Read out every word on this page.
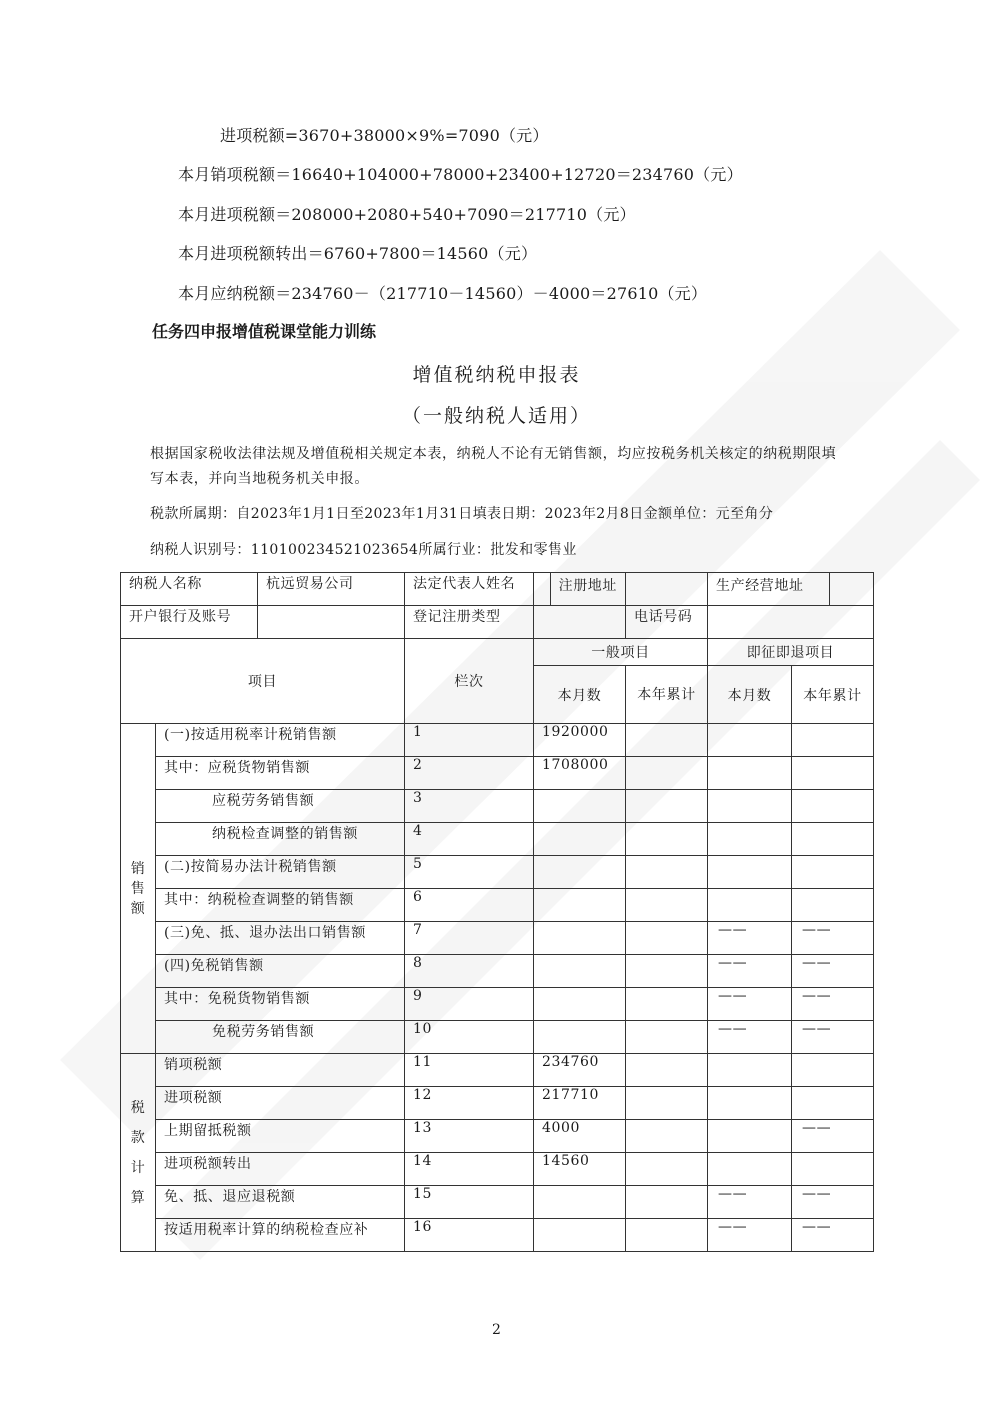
进项税额=3670+38000×9%=7090（元）
本月销项税额＝16640+104000+78000+23400+12720＝234760（元）
本月进项税额＝208000+2080+540+7090＝217710（元）
本月进项税额转出＝6760+7800＝14560（元）
本月应纳税额＝234760－（217710－14560）－4000＝27610（元）
任务四申报增值税课堂能力训练
增值税纳税申报表
（一般纳税人适用）
根据国家税收法律法规及增值税相关规定本表，纳税人不论有无销售额，均应按税务机关核定的纳税期限填写本表，并向当地税务机关申报。
税款所属期：自2023年1月1日至2023年1月31日填表日期：2023年2月8日金额单位：元至角分
纳税人识别号：110100234521023654所属行业：批发和零售业
纳税人名称		杭远贸易公司	法定代表人姓名	注册地址		生产经营地址	

开户银行及账号			登记注册类型		电话号码		
项目			栏次	一般项目		即征即退项目	
				本月数	本年累计	本月数	本年累计

销
售
额	(一)按适用税率计税销售额		1	1920000			
	其中：应税货物销售额		2	1708000			
	应税劳务销售额		3				
	纳税检查调整的销售额		4				
	(二)按简易办法计税销售额		5				
	其中：纳税检查调整的销售额		6				
	(三)免、抵、退办法出口销售额		7			——	——
	(四)免税销售额		8			——	——
	其中：免税货物销售额		9			——	——
	免税劳务销售额		10			——	——

税
款
计
算	销项税额		11	234760			
	进项税额		12	217710			
	上期留抵税额		13	4000			——
	进项税额转出		14	14560			
	免、抵、退应退税额		15			——	——
	按适用税率计算的纳税检查应补		16			——	——
2
